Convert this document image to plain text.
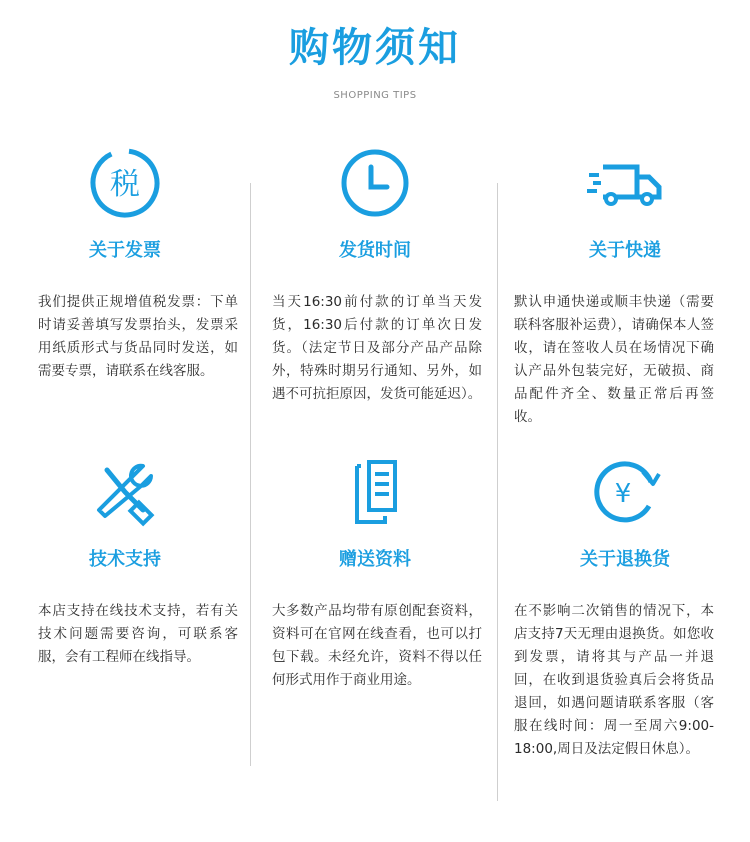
购物须知
SHOPPING TIPS
税
关于发票
我们提供正规增值税发票：下单时请妥善填写发票抬头，发票采用纸质形式与货品同时发送，如需要专票，请联系在线客服。
发货时间
当天16:30前付款的订单当天发货，16:30后付款的订单次日发货。（法定节日及部分产品产品除外，特殊时期另行通知、另外，如遇不可抗拒原因，发货可能延迟）。
关于快递
默认申通快递或顺丰快递（需要联科客服补运费），请确保本人签收，请在签收人员在场情况下确认产品外包装完好，无破损、商品配件齐全、数量正常后再签收。
技术支持
本店支持在线技术支持，若有关技术问题需要咨询，可联系客服，会有工程师在线指导。
赠送资料
大多数产品均带有原创配套资料，资料可在官网在线查看，也可以打包下载。未经允许，资料不得以任何形式用作于商业用途。
¥
关于退换货
在不影响二次销售的情况下，本店支持7天无理由退换货。如您收到发票，请将其与产品一并退回，在收到退货验真后会将货品退回，如遇问题请联系客服（客服在线时间：周一至周六9:00-18:00,周日及法定假日休息）。
